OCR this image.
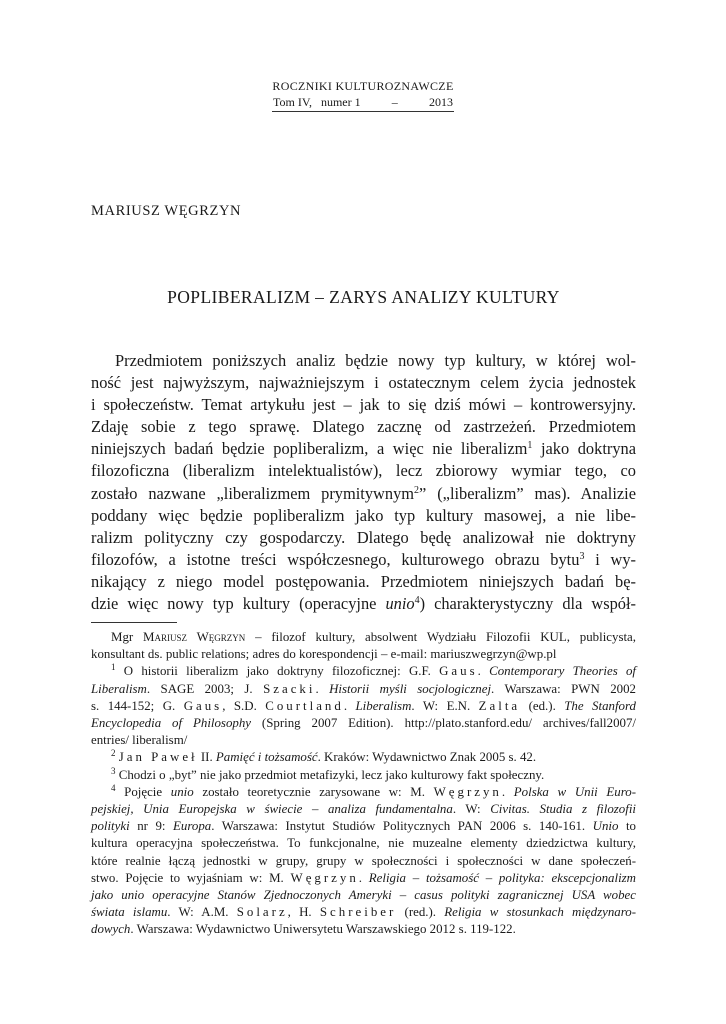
ROCZNIKI KULTUROZNAWCZE
Tom IV,   numer 1	–	2013
MARIUSZ WĘGRZYN
POPLIBERALIZM – ZARYS ANALIZY KULTURY
Przedmiotem poniższych analiz będzie nowy typ kultury, w której wol-
ność jest najwyższym, najważniejszym i ostatecznym celem życia jednostek
i społeczeństw. Temat artykułu jest – jak to się dziś mówi – kontrowersyjny.
Zdaję sobie z tego sprawę. Dlatego zacznę od zastrzeżeń. Przedmiotem
niniejszych badań będzie popliberalizm, a więc nie liberalizm$^1$ jako doktryna
filozoficzna (liberalizm intelektualistów), lecz zbiorowy wymiar tego, co
zostało nazwane „liberalizmem prymitywnym$^2$” („liberalizm” mas). Analizie
poddany więc będzie popliberalizm jako typ kultury masowej, a nie libe-
ralizm polityczny czy gospodarczy. Dlatego będę analizował nie doktryny
filozofów, a istotne treści współczesnego, kulturowego obrazu bytu$^3$ i wy-
nikający z niego model postępowania. Przedmiotem niniejszych badań bę-
dzie więc nowy typ kultury (operacyjne unio$^4$) charakterystyczny dla współ-
Mgr Mariusz Węgrzyn – filozof kultury, absolwent Wydziału Filozofii KUL, publicysta,
konsultant ds. public relations; adres do korespondencji – e-mail: mariuszwegrzyn@wp.pl
$^1$ O historii liberalizm jako doktryny filozoficznej: G.F. Gaus. Contemporary Theories of
Liberalism. SAGE 2003; J. Szacki. Historii myśli socjologicznej. Warszawa: PWN 2002
s. 144-152; G. Gaus, S.D. Courtland. Liberalism. W: E.N. Zalta (ed.). The Stanford
Encyclopedia of Philosophy (Spring 2007 Edition). http://plato.stanford.edu/ archives/fall2007/
entries/ liberalism/
$^2$ Jan Paweł II. Pamięć i tożsamość. Kraków: Wydawnictwo Znak 2005 s. 42.
$^3$ Chodzi o „byt” nie jako przedmiot metafizyki, lecz jako kulturowy fakt społeczny.
$^4$ Pojęcie unio zostało teoretycznie zarysowane w: M. Węgrzyn. Polska w Unii Euro-
pejskiej, Unia Europejska w świecie – analiza fundamentalna. W: Civitas. Studia z filozofii
polityki nr 9: Europa. Warszawa: Instytut Studiów Politycznych PAN 2006 s. 140-161. Unio to
kultura operacyjna społeczeństwa. To funkcjonalne, nie muzealne elementy dziedzictwa kultury,
które realnie łączą jednostki w grupy, grupy w społeczności i społeczności w dane społeczeń-
stwo. Pojęcie to wyjaśniam w: M. Węgrzyn. Religia – tożsamość – polityka: ekscepcjonalizm
jako unio operacyjne Stanów Zjednoczonych Ameryki – casus polityki zagranicznej USA wobec
świata islamu. W: A.M. Solarz, H. Schreiber (red.). Religia w stosunkach międzynaro-
dowych. Warszawa: Wydawnictwo Uniwersytetu Warszawskiego 2012 s. 119-122.
